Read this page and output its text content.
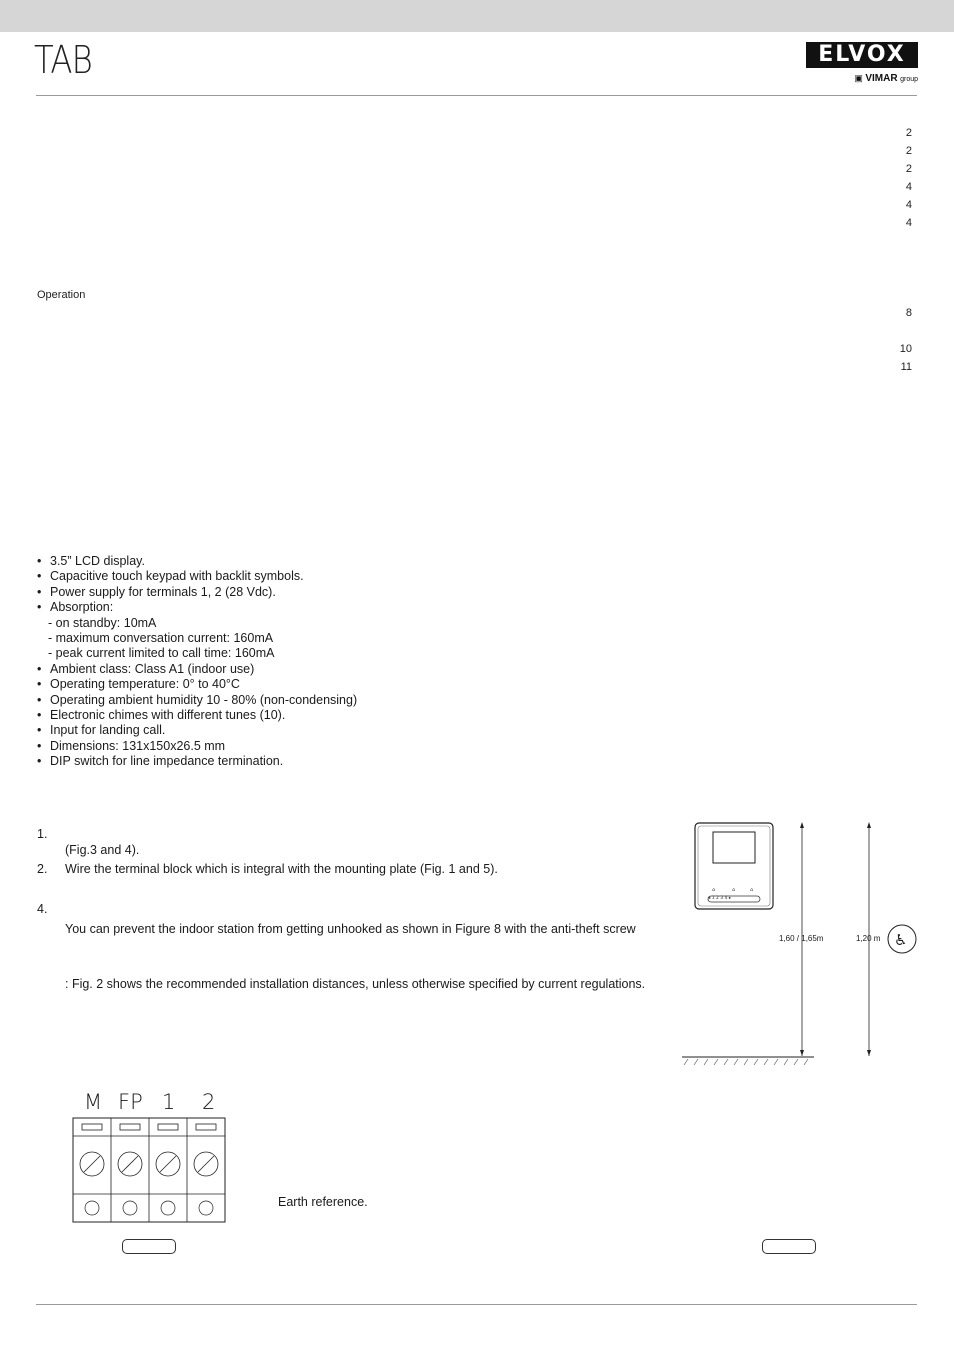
TAB	ELVOX
▣ VIMAR group
2
2
2
4
4
4
Operation
8
10
11
• 3.5” LCD display.
• Capacitive touch keypad with backlit symbols.
• Power supply for terminals 1, 2 (28 Vdc).
• Absorption:
- on standby: 10mA
- maximum conversation current: 160mA
- peak current limited to call time: 160mA
• Ambient class: Class A1 (indoor use)
• Operating temperature: 0° to 40°C
• Operating ambient humidity 10 - 80% (non-condensing)
• Electronic chimes with different tunes (10).
• Input for landing call.
• Dimensions: 131x150x26.5 mm
• DIP switch for line impedance termination.
1.
(Fig.3 and 4).
2. Wire the terminal block which is integral with the mounting plate (Fig. 1 and 5).
4.
You can prevent the indoor station from getting unhooked as shown in Figure 8 with the anti-theft screw
: Fig. 2 shows the recommended installation distances, unless otherwise specified by current regulations.
⌂	⌂	⌂
◂ 1 2 3 4 ▸
♿
1,60 / 1,65m	1,20 m
M FP 1 2
Earth reference.
